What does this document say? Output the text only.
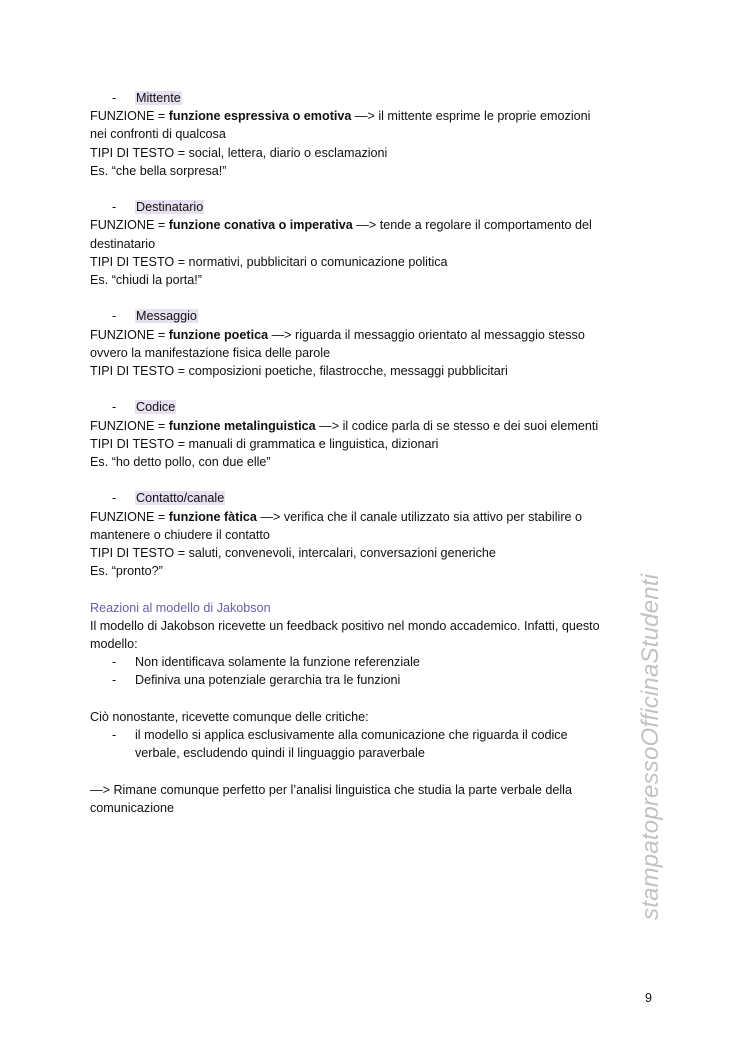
- Mittente
FUNZIONE = funzione espressiva o emotiva —> il mittente esprime le proprie emozioni
nei confronti di qualcosa
TIPI DI TESTO = social, lettera, diario o esclamazioni
Es. “che bella sorpresa!”
- Destinatario
FUNZIONE = funzione conativa o imperativa —> tende a regolare il comportamento del
destinatario
TIPI DI TESTO = normativi, pubblicitari o comunicazione politica
Es. “chiudi la porta!”
- Messaggio
FUNZIONE = funzione poetica —> riguarda il messaggio orientato al messaggio stesso
ovvero la manifestazione fisica delle parole
TIPI DI TESTO = composizioni poetiche, filastrocche, messaggi pubblicitari
- Codice
FUNZIONE = funzione metalinguistica —> il codice parla di se stesso e dei suoi elementi
TIPI DI TESTO = manuali di grammatica e linguistica, dizionari
Es. “ho detto pollo, con due elle”
- Contatto/canale
FUNZIONE = funzione fàtica —> verifica che il canale utilizzato sia attivo per stabilire o
mantenere o chiudere il contatto
TIPI DI TESTO = saluti, convenevoli, intercalari, conversazioni generiche
Es. “pronto?”
Reazioni al modello di Jakobson
Il modello di Jakobson ricevette un feedback positivo nel mondo accademico. Infatti, questo
modello:
- Non identificava solamente la funzione referenziale
- Definiva una potenziale gerarchia tra le funzioni
Ciò nonostante, ricevette comunque delle critiche:
- il modello si applica esclusivamente alla comunicazione che riguarda il codice
verbale, escludendo quindi il linguaggio paraverbale
—> Rimane comunque perfetto per l’analisi linguistica che studia la parte verbale della
comunicazione	stampatopressoOfficinaStudenti
9
